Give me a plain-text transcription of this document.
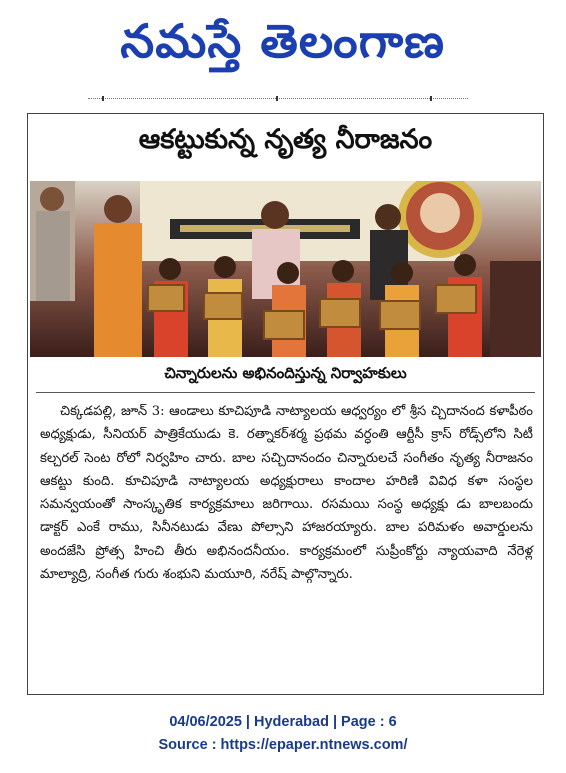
నమస్తే తెలంగాణ
ఆకట్టుకున్న నృత్య నీరాజనం
చిన్నారులను అభినందిస్తున్న నిర్వాహకులు
చిక్కడపల్లి, జూన్ 3: ఆండాలు కూచిపూడి నాట్యాలయ ఆధ్వర్యం లో శ్రీస చ్చిదానంద కళాపీఠం అధ్యక్షుడు, సీనియర్ పాత్రికేయుడు కె. రత్నాకర్‌శర్మ ప్రథమ వర్ధంతి ఆర్టీసీ క్రాస్ రోడ్స్‌లోని సిటీ కల్చరల్ సెంట రోలో నిర్వహిం చారు. బాల సచ్చిదానందం చిన్నారులచే సంగీతం నృత్య నీరాజనం ఆకట్టు కుంది. కూచిపూడి నాట్యాలయ అధ్యక్షురాలు కాందాల హరిణి వివిధ కళా సంస్థల సమన్వయంతో సాంస్కృతిక కార్యక్రమాలు జరిగాయి. రసమయి సంస్థ అధ్యక్షు డు బాలబందు డాక్టర్ ఎంకే రాము, సినీనటుడు వేణు పోల్సాని హాజరయ్యారు. బాల పరిమళం అవార్డులను అందజేసి ప్రోత్స హించి తీరు అభినందనీయం. కార్యక్రమంలో సుప్రీంకోర్టు న్యాయవాది నేరెళ్ల మాల్యాద్రి, సంగీత గురు శంభుని మయూరి, నరేష్ పాల్గొన్నారు.
04/06/2025 | Hyderabad | Page : 6
Source : https://epaper.ntnews.com/
